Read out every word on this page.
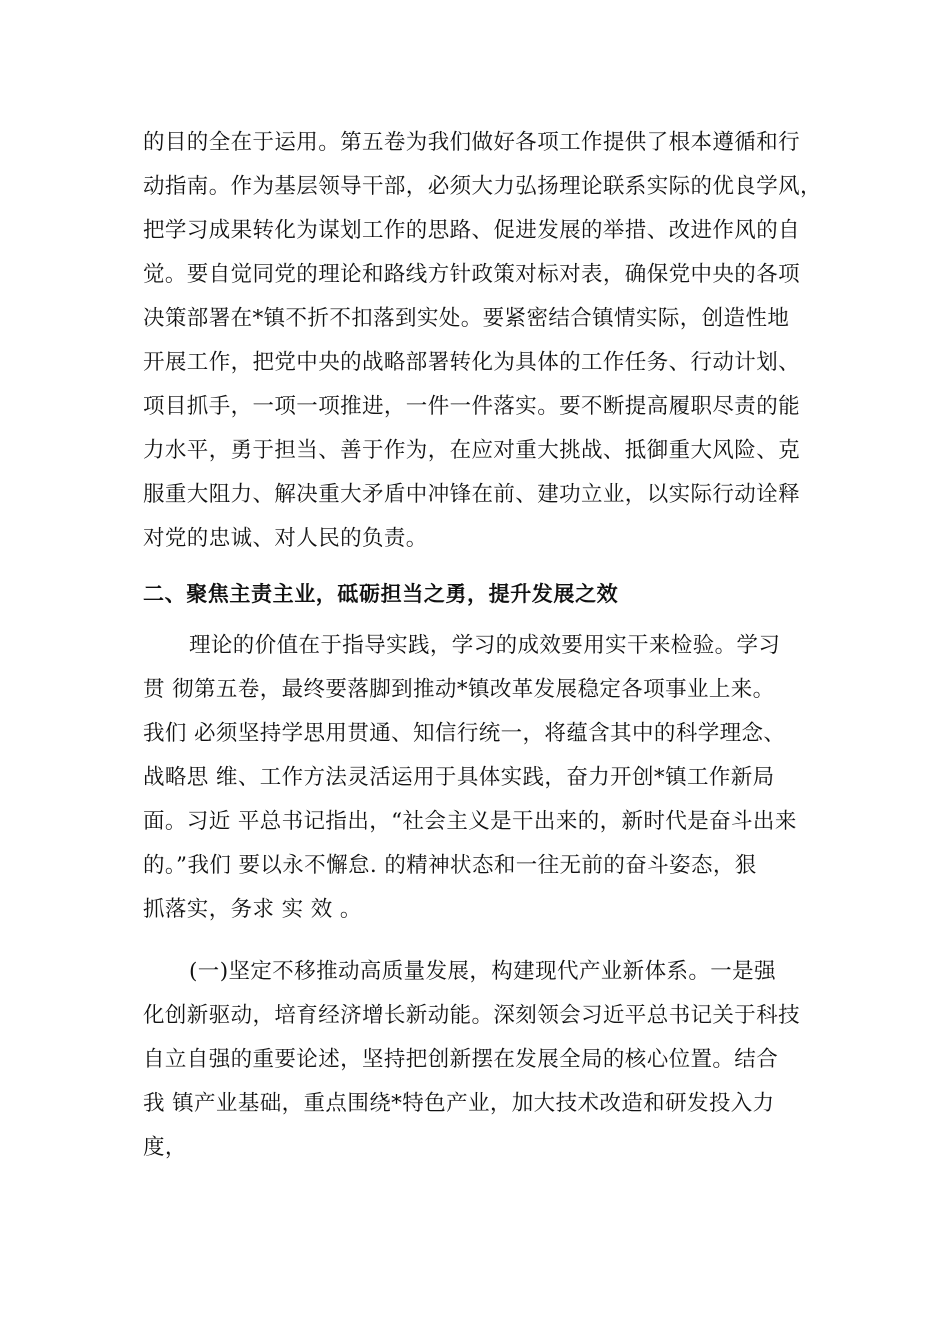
的目的全在于运用。第五卷为我们做好各项工作提供了根本遵循和行
动指南。作为基层领导干部，必须大力弘扬理论联系实际的优良学风，
把学习成果转化为谋划工作的思路、促进发展的举措、改进作风的自
觉。要自觉同党的理论和路线方针政策对标对表，确保党中央的各项
决策部署在*镇不折不扣落到实处。要紧密结合镇情实际，创造性地
开展工作，把党中央的战略部署转化为具体的工作任务、行动计划、
项目抓手，一项一项推进，一件一件落实。要不断提高履职尽责的能
力水平，勇于担当、善于作为，在应对重大挑战、抵御重大风险、克
服重大阻力、解决重大矛盾中冲锋在前、建功立业，以实际行动诠释
对党的忠诚、对人民的负责。
二、聚焦主责主业，砥砺担当之勇，提升发展之效
理论的价值在于指导实践，学习的成效要用实干来检验。学习
贯 彻第五卷，最终要落脚到推动*镇改革发展稳定各项事业上来。
我们 必须坚持学思用贯通、知信行统一，将蕴含其中的科学理念、
战略思 维、工作方法灵活运用于具体实践，奋力开创*镇工作新局
面。习近 平总书记指出，“社会主义是干出来的，新时代是奋斗出来
的。”我们 要以永不懈怠. 的精神状态和一往无前的奋斗姿态，狠
抓落实，务求 实 效 。
(一)坚定不移推动高质量发展，构建现代产业新体系。一是强
化创新驱动，培育经济增长新动能。深刻领会习近平总书记关于科技
自立自强的重要论述，坚持把创新摆在发展全局的核心位置。结合
我 镇产业基础，重点围绕*特色产业，加大技术改造和研发投入力
度，
